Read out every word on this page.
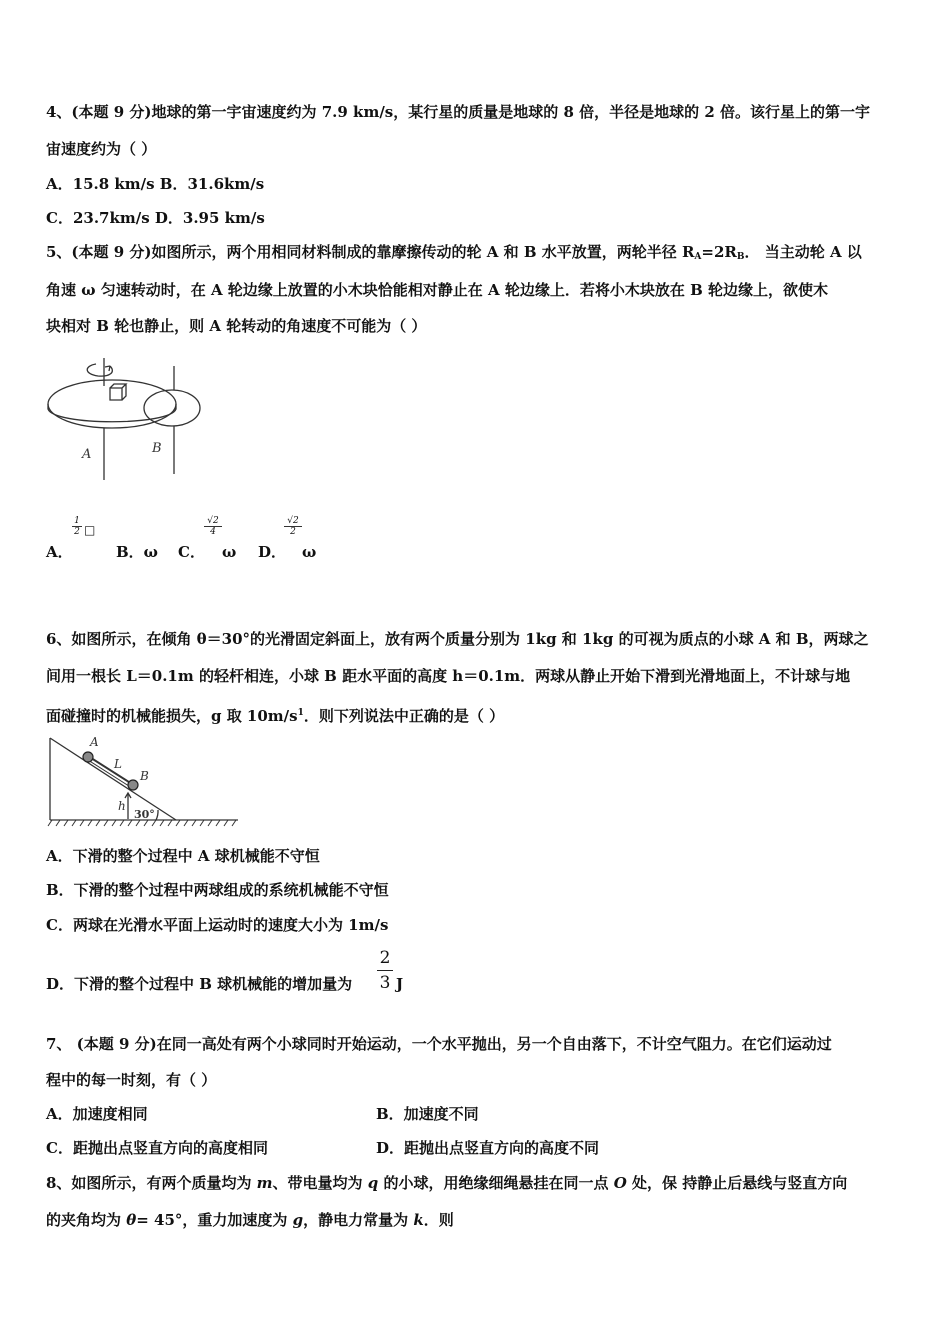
4、(本题 9 分)地球的第一宇宙速度约为 7.9 km/s，某行星的质量是地球的 8 倍，半径是地球的 2 倍。该行星上的第一宇
宙速度约为（ ）
A．15.8 km/s B．31.6km/s
C．23.7km/s D．3.95 km/s
5、(本题 9 分)如图所示，两个用相同材料制成的靠摩擦传动的轮 A 和 B 水平放置，两轮半径 $R_A=2R_B$． 当主动轮 A 以
角速 ω 匀速转动时，在 A 轮边缘上放置的小木块恰能相对静止在 A 轮边缘上．若将小木块放在 B 轮边缘上，欲使木
块相对 B 轮也静止，则 A 轮转动的角速度不可能为（ ）
A	B
A．
1
2 □
B．ω C．
√2
4
ω D．
√2
2
ω
6、如图所示，在倾角 θ＝30°的光滑固定斜面上，放有两个质量分别为 1kg 和 1kg 的可视为质点的小球 A 和 B，两球之
间用一根长 L＝0.1m 的轻杆相连，小球 B 距水平面的高度 h＝0.1m．两球从静止开始下滑到光滑地面上，不计球与地
面碰撞时的机械能损失，g 取 $10m/s^1$．则下列说法中正确的是（ ）
A
L
B
h
30°
A．下滑的整个过程中 A 球机械能不守恒
B．下滑的整个过程中两球组成的系统机械能不守恒
C．两球在光滑水平面上运动时的速度大小为 1m/s
D．下滑的整个过程中 B 球机械能的增加量为
2
3 J
7、 (本题 9 分)在同一高处有两个小球同时开始运动，一个水平抛出，另一个自由落下，不计空气阻力。在它们运动过
程中的每一时刻，有（ ）
A．加速度相同	B．加速度不同
C．距抛出点竖直方向的高度相同	D．距抛出点竖直方向的高度不同
8、如图所示，有两个质量均为 m、带电量均为 q 的小球，用绝缘细绳悬挂在同一点 O 处，保 持静止后悬线与竖直方向
的夹角均为 θ= 45°，重力加速度为 g，静电力常量为 k．则
